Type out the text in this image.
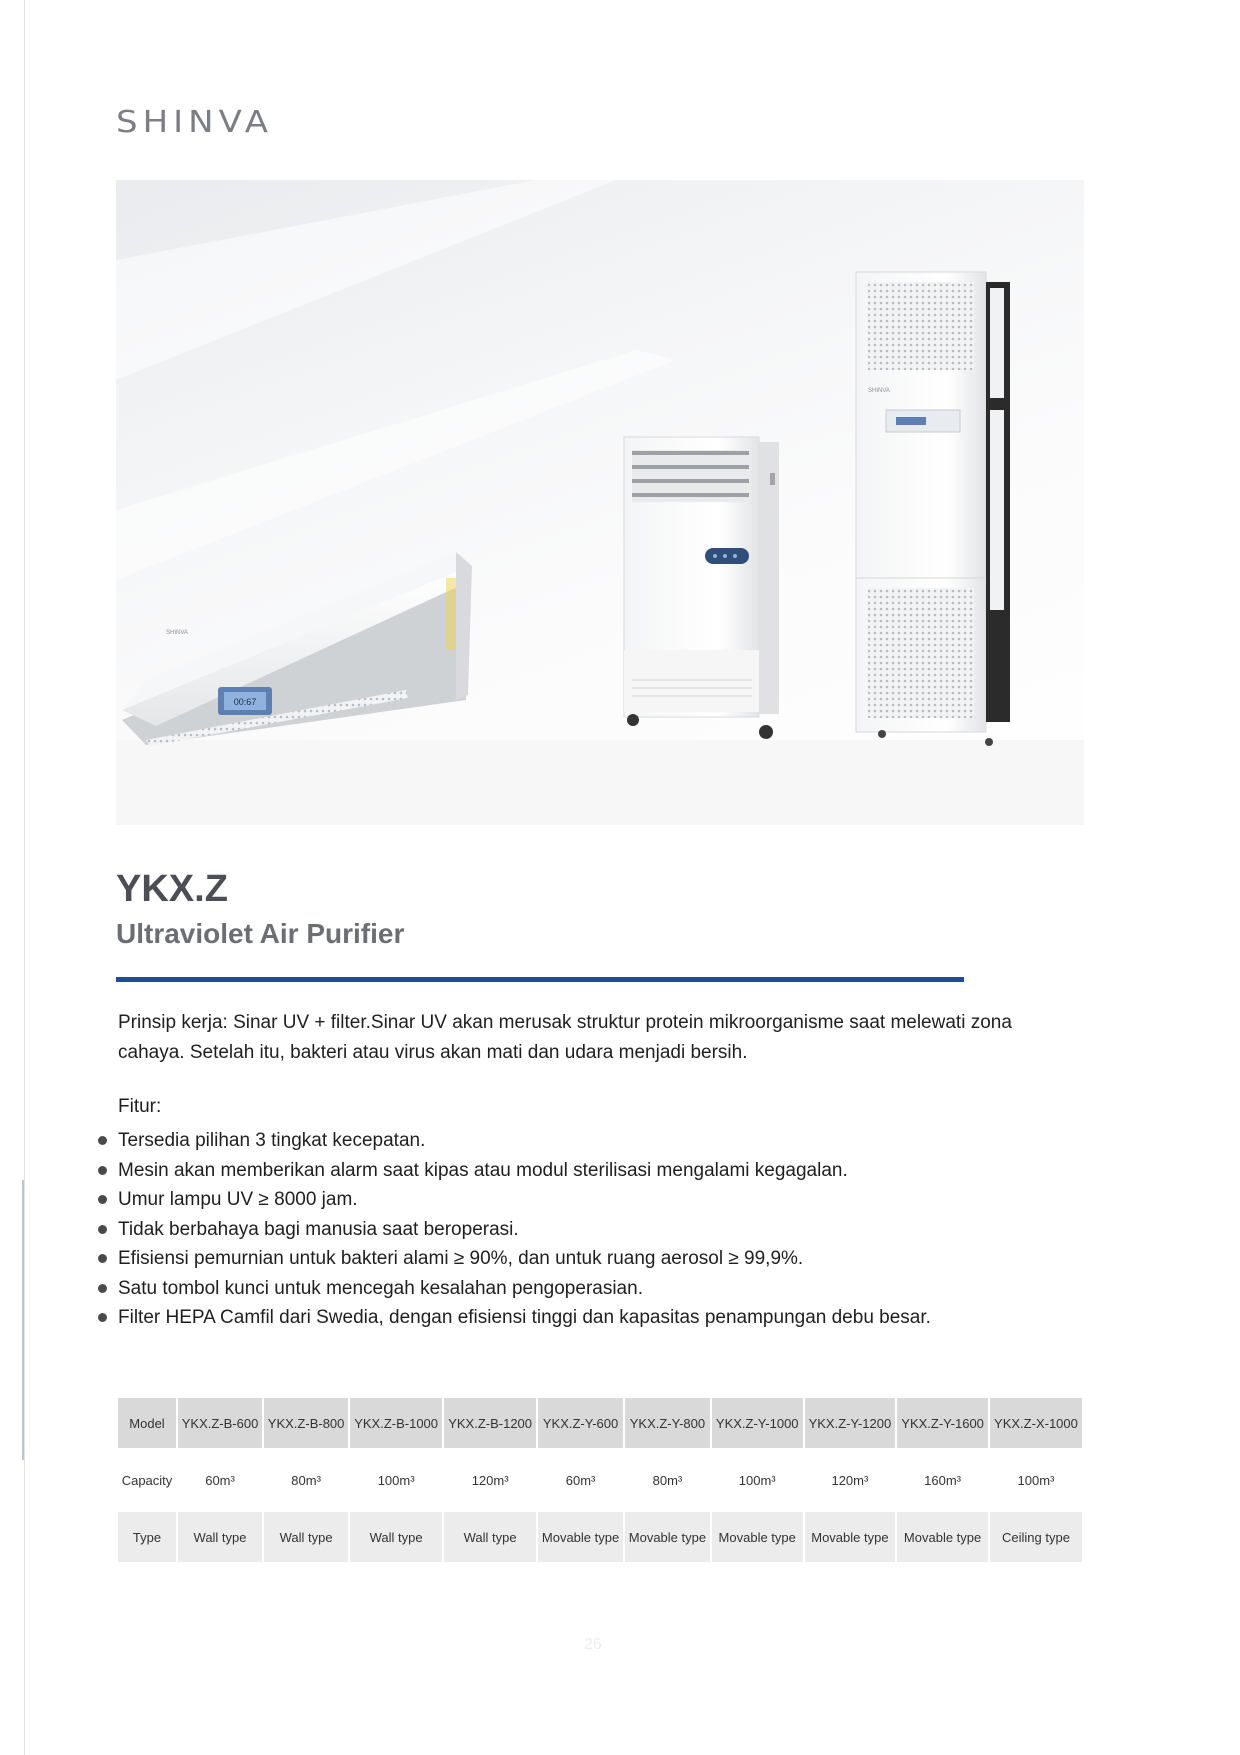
SHINVA
00:67
SHINVA
SHINVA
YKX.Z
Ultraviolet Air Purifier

Prinsip kerja: Sinar UV + filter.Sinar UV akan merusak struktur protein mikroorganisme saat melewati zona cahaya. Setelah itu, bakteri atau virus akan mati dan udara menjadi bersih.

Fitur:

Tersedia pilihan 3 tingkat kecepatan.
Mesin akan memberikan alarm saat kipas atau modul sterilisasi mengalami kegagalan.
Umur lampu UV ≥ 8000 jam.
Tidak berbahaya bagi manusia saat beroperasi.
Efisiensi pemurnian untuk bakteri alami ≥ 90%, dan untuk ruang aerosol ≥ 99,9%.
Satu tombol kunci untuk mencegah kesalahan pengoperasian.
Filter HEPA Camfil dari Swedia, dengan efisiensi tinggi dan kapasitas penampungan debu besar.
Model	YKX.Z-B-600	YKX.Z-B-800	YKX.Z-B-1000	YKX.Z-B-1200	YKX.Z-Y-600	YKX.Z-Y-800	YKX.Z-Y-1000	YKX.Z-Y-1200	YKX.Z-Y-1600	YKX.Z-X-1000
Capacity	60m³	80m³	100m³	120m³	60m³	80m³	100m³	120m³	160m³	100m³
Type	Wall type	Wall type	Wall type	Wall type	Movable type	Movable type	Movable type	Movable type	Movable type	Ceiling type
26
